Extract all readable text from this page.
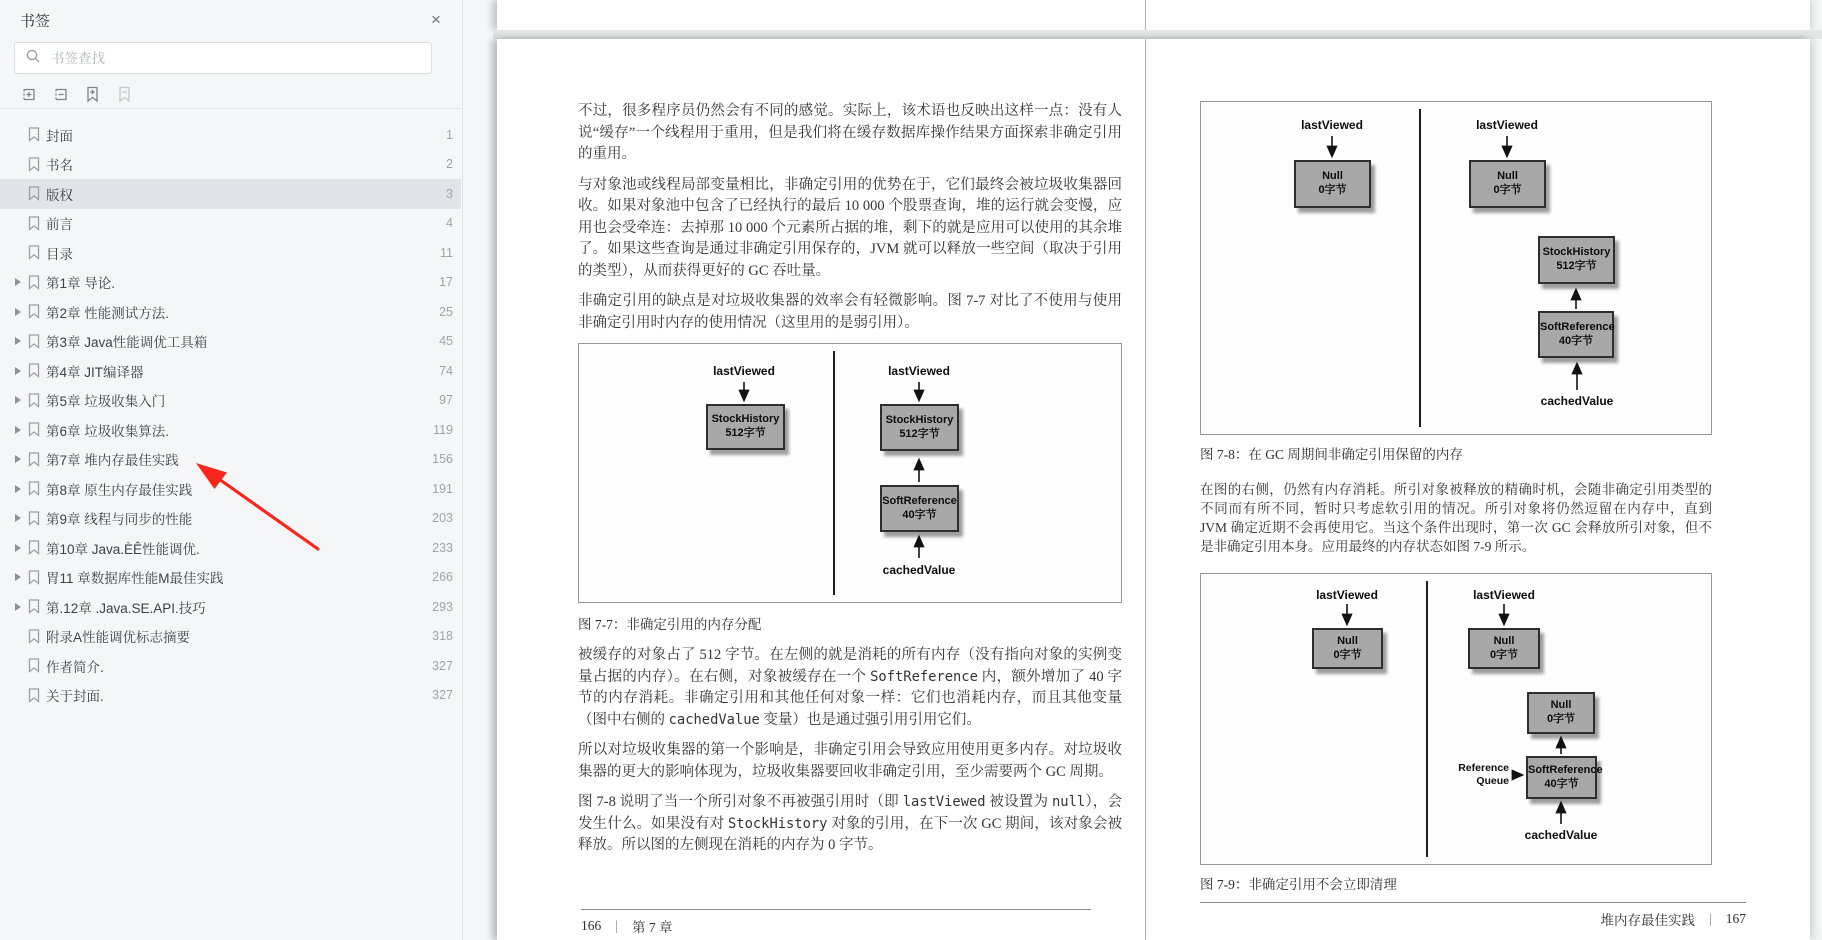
书签	×
书签查找
封面	1
书名	2
版权	3
前言	4
目录	11
第1章 导论.	17
第2章 性能测试方法.	25
第3章 Java性能调优工具箱	45
第4章 JIT编译器	74
第5章 垃圾收集入门	97
第6章 垃圾收集算法.	119
第7章 堆内存最佳实践	156
第8章 原生内存最佳实践	191
第9章 线程与同步的性能	203
第10章 Java.ÈÊ性能调优.	233
胃11 章数据库性能M最佳实践	266
第.12章 .Java.SE.API.技巧	293
附录A性能调优标志摘要	318
作者简介.	327
关于封面.	327

不过，很多程序员仍然会有不同的感觉。实际上，该术语也反映出这样一点：没有人说“缓存”一个线程用于重用，但是我们将在缓存数据库操作结果方面探索非确定引用的重用。

与对象池或线程局部变量相比，非确定引用的优势在于，它们最终会被垃圾收集器回收。如果对象池中包含了已经执行的最后 10 000 个股票查询，堆的运行就会变慢，应用也会受牵连：去掉那 10 000 个元素所占据的堆，剩下的就是应用可以使用的其余堆了。如果这些查询是通过非确定引用保存的，JVM 就可以释放一些空间（取决于引用的类型），从而获得更好的 GC 吞吐量。

非确定引用的缺点是对垃圾收集器的效率会有轻微影响。图 7-7 对比了不使用与使用非确定引用时内存的使用情况（这里用的是弱引用）。

lastViewed	lastViewed
StockHistory
512字节
StockHistory
512字节
SoftReference
40字节
cachedValue
图 7-7：非确定引用的内存分配

被缓存的对象占了 512 字节。在左侧的就是消耗的所有内存（没有指向对象的实例变量占据的内存）。在右侧，对象被缓存在一个 SoftReference 内，额外增加了 40 字节的内存消耗。非确定引用和其他任何对象一样：它们也消耗内存，而且其他变量（图中右侧的 cachedValue 变量）也是通过强引用引用它们。

所以对垃圾收集器的第一个影响是，非确定引用会导致应用使用更多内存。对垃圾收集器的更大的影响体现为，垃圾收集器要回收非确定引用，至少需要两个 GC 周期。

图 7-8 说明了当一个所引对象不再被强引用时（即 lastViewed 被设置为 null），会发生什么。如果没有对 StockHistory 对象的引用，在下一次 GC 期间，该对象会被释放。所以图的左侧现在消耗的内存为 0 字节。

lastViewed	lastViewed
Null
0字节
Null
0字节
StockHistory
512字节
SoftReference
40字节
cachedValue
图 7-8：在 GC 周期间非确定引用保留的内存

在图的右侧，仍然有内存消耗。所引对象被释放的精确时机，会随非确定引用类型的不同而有所不同，暂时只考虑软引用的情况。所引对象将仍然逗留在内存中，直到 JVM 确定近期不会再使用它。当这个条件出现时，第一次 GC 会释放所引对象，但不是非确定引用本身。应用最终的内存状态如图 7-9 所示。

lastViewed	lastViewed
Null
0字节
Null
0字节
Null
0字节
SoftReference
40字节
Reference
Queue
cachedValue
图 7-9：非确定引用不会立即清理
166 | 第 7 章	堆内存最佳实践 | 167
